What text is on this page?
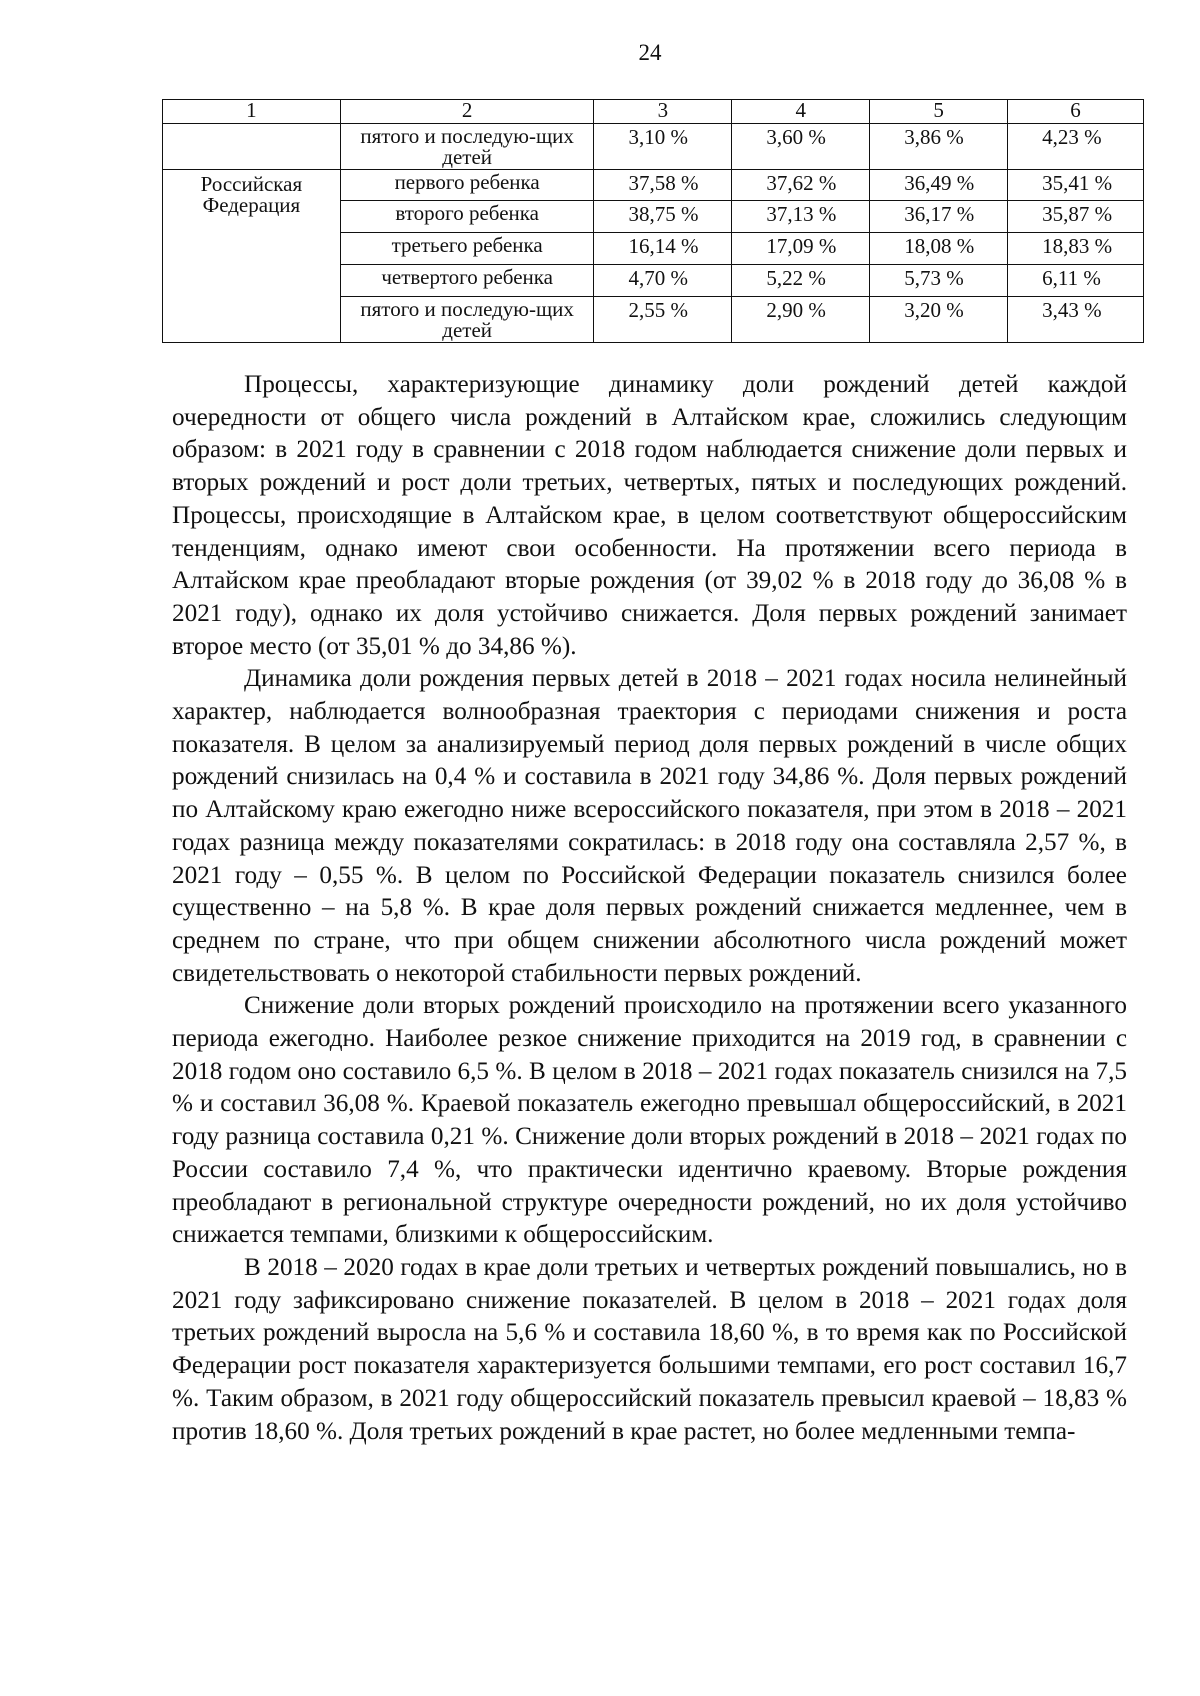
24
1	2	3	4	5	6
	пятого и последую-щих детей	3,10 %	3,60 %	3,86 %	4,23 %
Российская Федерация	первого ребенка	37,58 %	37,62 %	36,49 %	35,41 %
	второго ребенка	38,75 %	37,13 %	36,17 %	35,87 %
	третьего ребенка	16,14 %	17,09 %	18,08 %	18,83 %
	четвертого ребенка	4,70 %	5,22 %	5,73 %	6,11 %
	пятого и последую-щих детей	2,55 %	2,90 %	3,20 %	3,43 %

Процессы, характеризующие динамику доли рождений детей каждой очередности от общего числа рождений в Алтайском крае, сложились следующим образом: в 2021 году в сравнении с 2018 годом наблюдается снижение доли первых и вторых рождений и рост доли третьих, четвертых, пятых и последующих рождений. Процессы, происходящие в Алтайском крае, в целом соответствуют общероссийским тенденциям, однако имеют свои особенности. На протяжении всего периода в Алтайском крае преобладают вторые рождения (от 39,02 % в 2018 году до 36,08 % в 2021 году), однако их доля устойчиво снижается. Доля первых рождений занимает второе место (от 35,01 % до 34,86 %).

Динамика доли рождения первых детей в 2018 – 2021 годах носила нелинейный характер, наблюдается волнообразная траектория с периодами снижения и роста показателя. В целом за анализируемый период доля первых рождений в числе общих рождений снизилась на 0,4 % и составила в 2021 году 34,86 %. Доля первых рождений по Алтайскому краю ежегодно ниже всероссийского показателя, при этом в 2018 – 2021 годах разница между показателями сократилась: в 2018 году она составляла 2,57 %, в 2021 году – 0,55 %. В целом по Российской Федерации показатель снизился более существенно – на 5,8 %. В крае доля первых рождений снижается медленнее, чем в среднем по стране, что при общем снижении абсолютного числа рождений может свидетельствовать о некоторой стабильности первых рождений.

Снижение доли вторых рождений происходило на протяжении всего указанного периода ежегодно. Наиболее резкое снижение приходится на 2019 год, в сравнении с 2018 годом оно составило 6,5 %. В целом в 2018 – 2021 годах показатель снизился на 7,5 % и составил 36,08 %. Краевой показатель ежегодно превышал общероссийский, в 2021 году разница составила 0,21 %. Снижение доли вторых рождений в 2018 – 2021 годах по России составило 7,4 %, что практически идентично краевому. Вторые рождения преобладают в региональной структуре очередности рождений, но их доля устойчиво снижается темпами, близкими к общероссийским.

В 2018 – 2020 годах в крае доли третьих и четвертых рождений повышались, но в 2021 году зафиксировано снижение показателей. В целом в 2018 – 2021 годах доля третьих рождений выросла на 5,6 % и составила 18,60 %, в то время как по Российской Федерации рост показателя характеризуется большими темпами, его рост составил 16,7 %. Таким образом, в 2021 году общероссийский показатель превысил краевой – 18,83 % против 18,60 %. Доля третьих рождений в крае растет, но более медленными темпа-
